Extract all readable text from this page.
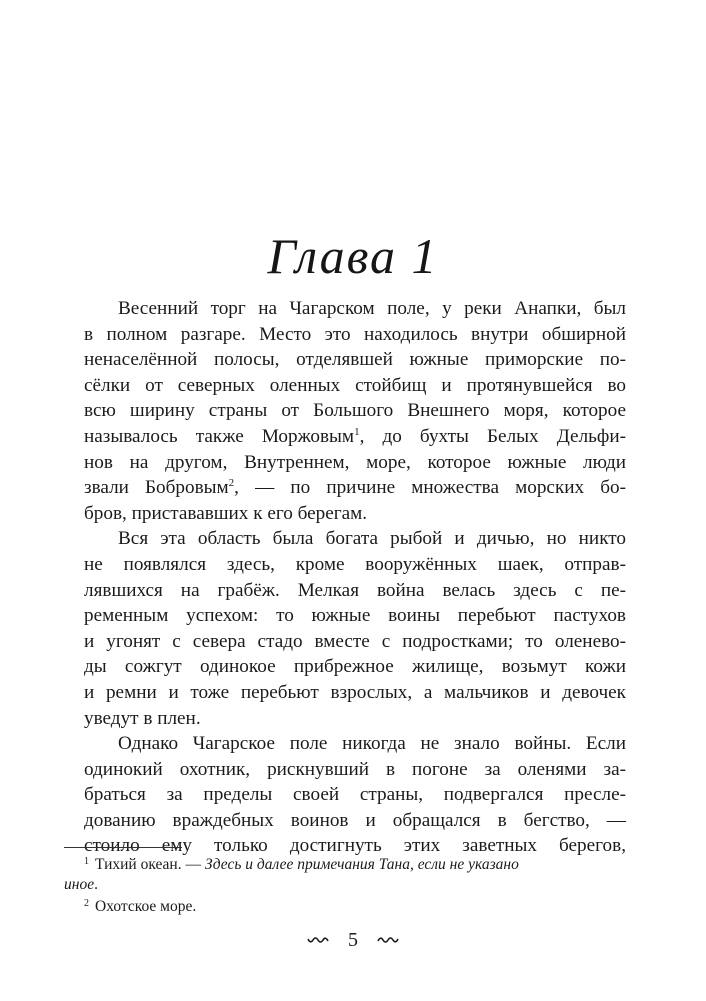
Глава 1
Весенний торг на Чагарском поле, у реки Анапки, был
в полном разгаре. Место это находилось внутри обширной
ненаселённой полосы, отделявшей южные приморские по-
сёлки от северных оленных стойбищ и протянувшейся во
всю ширину страны от Большого Внешнего моря, которое
называлось также Моржовым$^1$, до бухты Белых Дельфи-
нов на другом, Внутреннем, море, которое южные люди
звали Бобровым$^2$, — по причине множества морских бо-
бров, пристававших к его берегам.
Вся эта область была богата рыбой и дичью, но никто
не появлялся здесь, кроме вооружённых шаек, отправ-
лявшихся на грабёж. Мелкая война велась здесь с пе-
ременным успехом: то южные воины перебьют пастухов
и угонят с севера стадо вместе с подростками; то оленево-
ды сожгут одинокое прибрежное жилище, возьмут кожи
и ремни и тоже перебьют взрослых, а мальчиков и девочек
уведут в плен.
Однако Чагарское поле никогда не знало войны. Если
одинокий охотник, рискнувший в погоне за оленями за-
браться за пределы своей страны, подвергался пресле-
дованию враждебных воинов и обращался в бегство, —
стоило ему только достигнуть этих заветных берегов,
$^1$ Тихий океан. — Здесь и далее примечания Тана, если не указано
иное.
$^2$ Охотское море.
5
